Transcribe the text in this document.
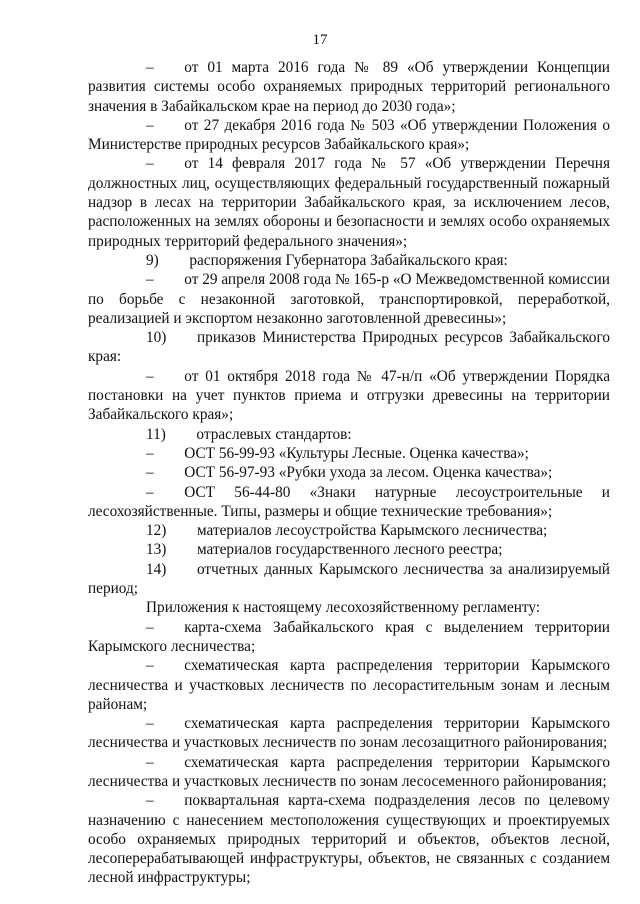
17

–  от 01 марта 2016 года № 89 «Об утверждении Концепции развития системы особо охраняемых природных территорий регионального значения в Забайкальском крае на период до 2030 года»;

–  от 27 декабря 2016 года № 503 «Об утверждении Положения о Министерстве природных ресурсов Забайкальского края»;

–  от 14 февраля 2017 года № 57 «Об утверждении Перечня должностных лиц, осуществляющих федеральный государственный пожарный надзор в лесах на территории Забайкальского края, за исключением лесов, расположенных на землях обороны и безопасности и землях особо охраняемых природных территорий федерального значения»;

9)  распоряжения Губернатора Забайкальского края:

–  от 29 апреля 2008 года № 165-р «О Межведомственной комиссии по борьбе с незаконной заготовкой, транспортировкой, переработкой, реализацией и экспортом незаконно заготовленной древесины»;

10)  приказов Министерства Природных ресурсов Забайкальского края:

–  от 01 октября 2018 года № 47-н/п «Об утверждении Порядка постановки на учет пунктов приема и отгрузки древесины на территории Забайкальского края»;

11)  отраслевых стандартов:

–  ОСТ 56-99-93 «Культуры Лесные. Оценка качества»;

–  ОСТ 56-97-93 «Рубки ухода за лесом. Оценка качества»;

–  ОСТ 56-44-80 «Знаки натурные лесоустроительные и лесохозяйственные. Типы, размеры и общие технические требования»;

12)  материалов лесоустройства Карымского лесничества;

13)  материалов государственного лесного реестра;

14)  отчетных данных Карымского лесничества за анализируемый период;

Приложения к настоящему лесохозяйственному регламенту:

–  карта-схема Забайкальского края с выделением территории Карымского лесничества;

–  схематическая карта распределения территории Карымского лесничества и участковых лесничеств по лесорастительным зонам и лесным районам;

–  схематическая карта распределения территории Карымского лесничества и участковых лесничеств по зонам лесозащитного районирования;

–  схематическая карта распределения территории Карымского лесничества и участковых лесничеств по зонам лесосеменного районирования;

–  поквартальная карта-схема подразделения лесов по целевому назначению с нанесением местоположения существующих и проектируемых особо охраняемых природных территорий и объектов, объектов лесной, лесоперерабатывающей инфраструктуры, объектов, не связанных с созданием лесной инфраструктуры;
